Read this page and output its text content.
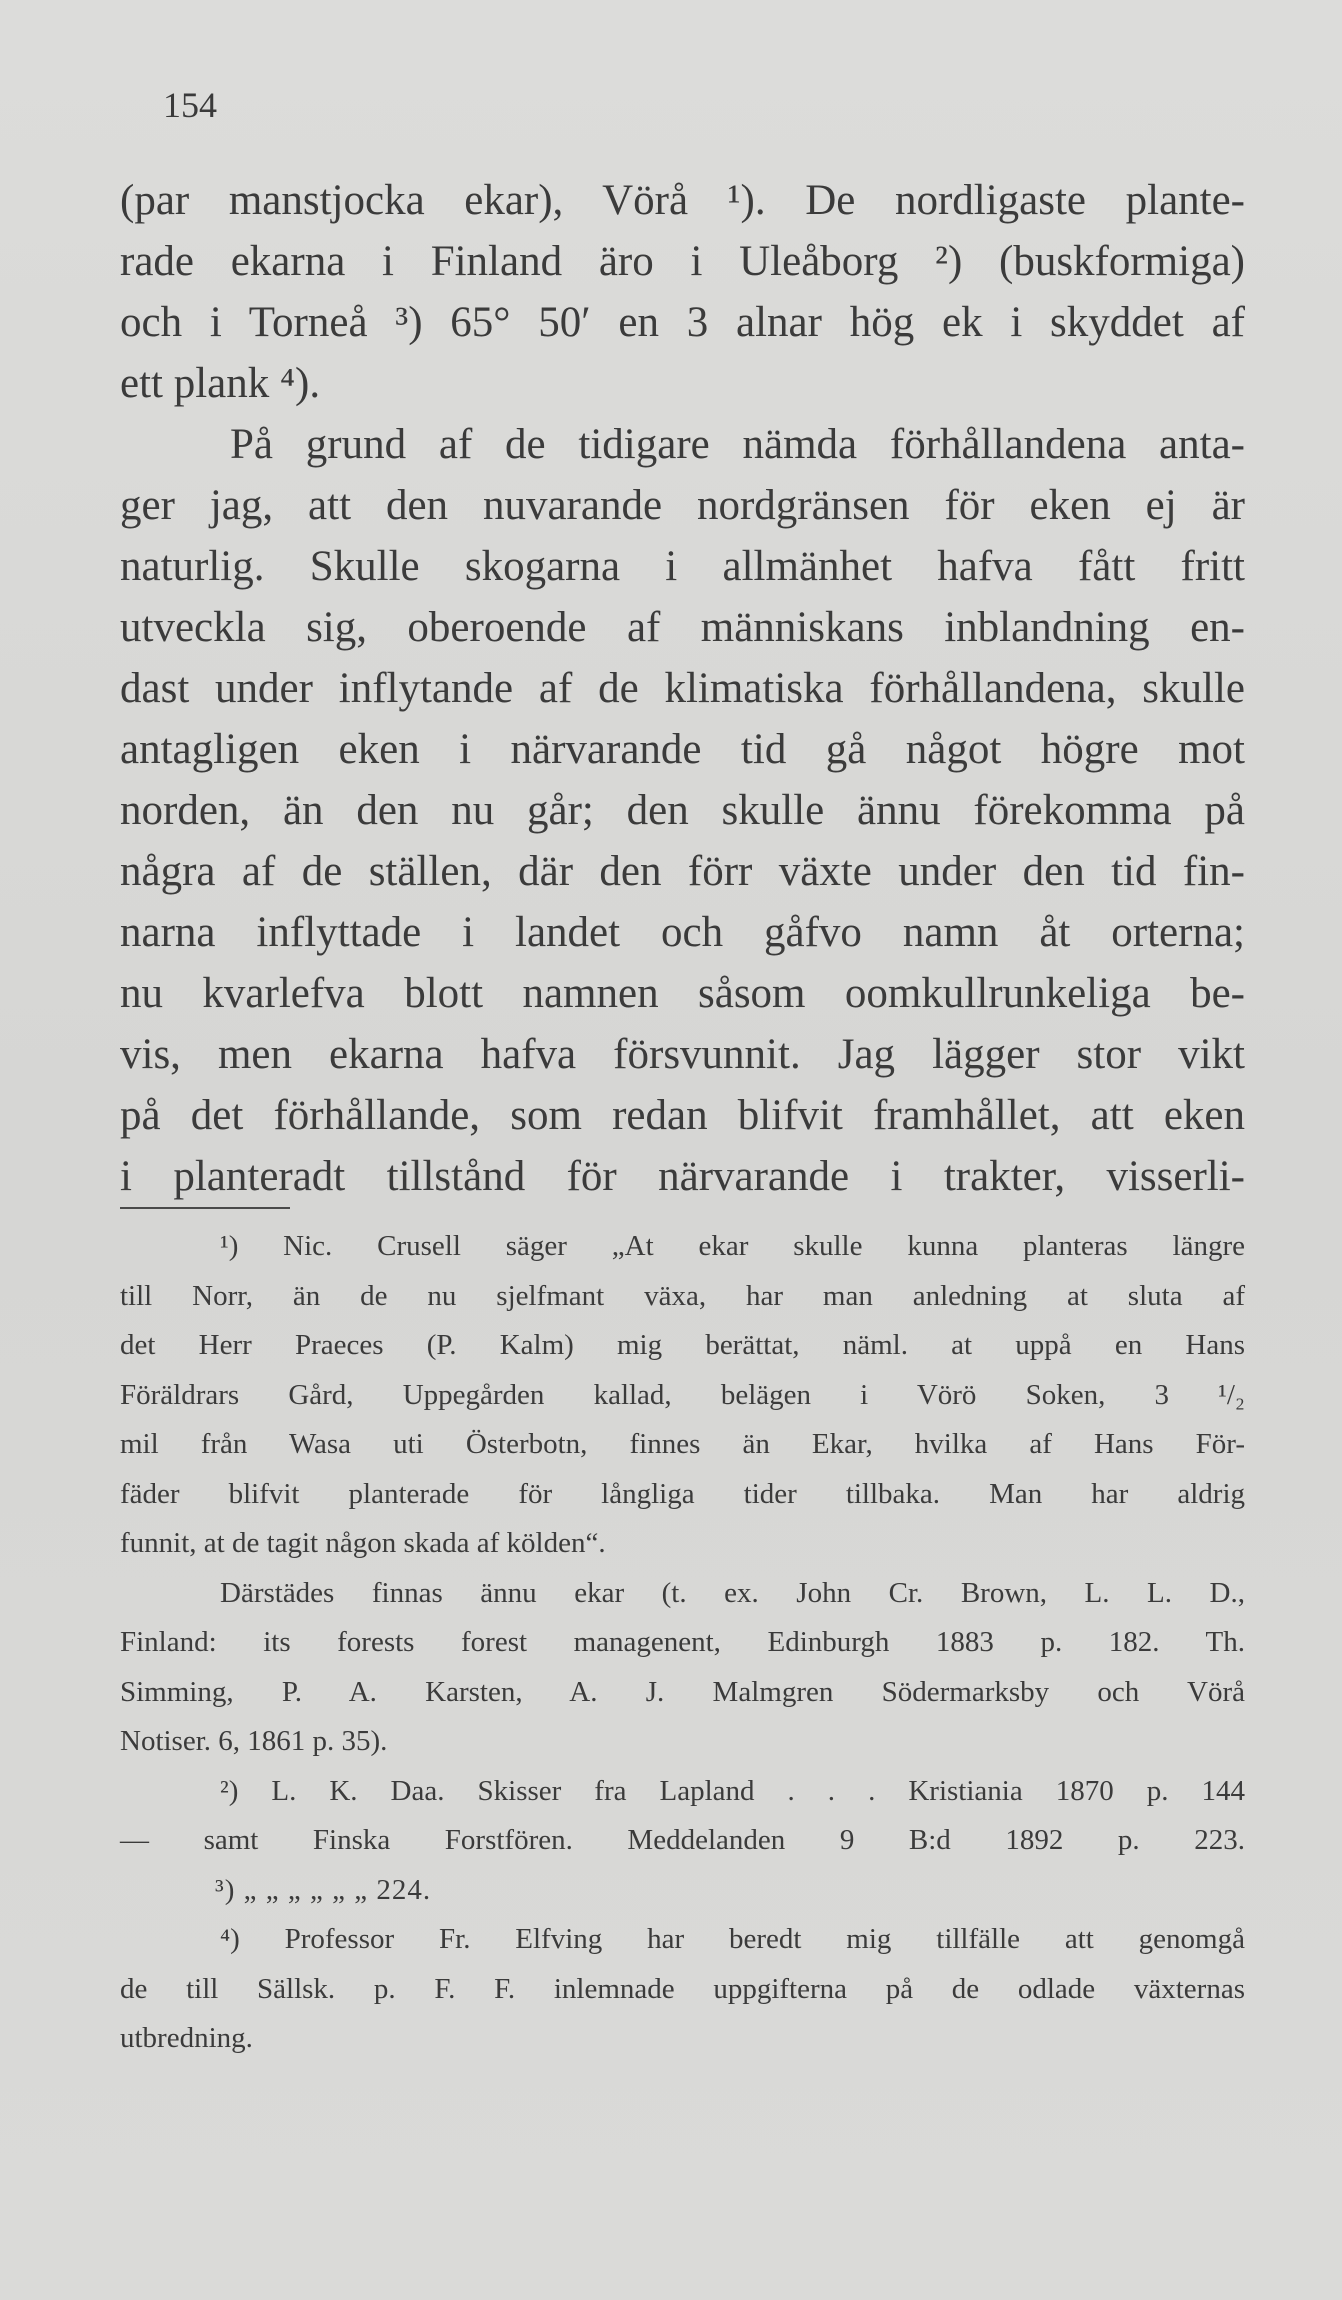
154
(par manstjocka ekar), Vörå ¹). De nordligaste plante-
rade ekarna i Finland äro i Uleåborg ²) (buskformiga)
och i Torneå ³) 65° 50′ en 3 alnar hög ek i skyddet af
ett plank ⁴).
På grund af de tidigare nämda förhållandena anta-
ger jag, att den nuvarande nordgränsen för eken ej är
naturlig. Skulle skogarna i allmänhet hafva fått fritt
utveckla sig, oberoende af människans inblandning en-
dast under inflytande af de klimatiska förhållandena, skulle
antagligen eken i närvarande tid gå något högre mot
norden, än den nu går; den skulle ännu förekomma på
några af de ställen, där den förr växte under den tid fin-
narna inflyttade i landet och gåfvo namn åt orterna;
nu kvarlefva blott namnen såsom oomkullrunkeliga be-
vis, men ekarna hafva försvunnit. Jag lägger stor vikt
på det förhållande, som redan blifvit framhållet, att eken
i planteradt tillstånd för närvarande i trakter, visserli-
¹) Nic. Crusell säger „At ekar skulle kunna planteras längre
till Norr, än de nu sjelfmant växa, har man anledning at sluta af
det Herr Praeces (P. Kalm) mig berättat, näml. at uppå en Hans
Föräldrars Gård, Uppegården kallad, belägen i Vörö Soken, 3 ¹/₂
mil från Wasa uti Österbotn, finnes än Ekar, hvilka af Hans För-
fäder blifvit planterade för långliga tider tillbaka. Man har aldrig
funnit, at de tagit någon skada af kölden“.
Därstädes finnas ännu ekar (t. ex. John Cr. Brown, L. L. D.,
Finland: its forests forest managenent, Edinburgh 1883 p. 182. Th.
Simming, P. A. Karsten, A. J. Malmgren Södermarksby och Vörå
Notiser. 6, 1861 p. 35).
²) L. K. Daa. Skisser fra Lapland . . . Kristiania 1870 p. 144
— samt Finska Forstfören. Meddelanden 9 B:d 1892 p. 223.
³) „ „ „ „ „ „ 224.
⁴) Professor Fr. Elfving har beredt mig tillfälle att genomgå
de till Sällsk. p. F. F. inlemnade uppgifterna på de odlade växternas
utbredning.
